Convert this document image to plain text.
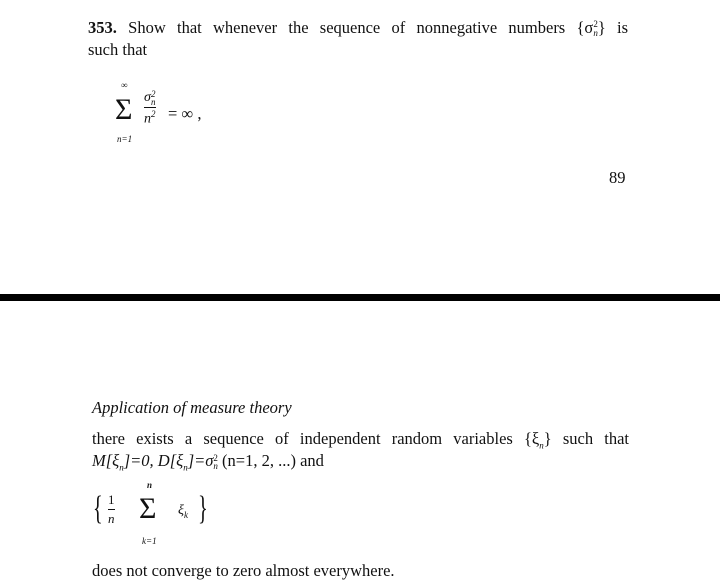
353. Show that whenever the sequence of nonnegative numbers {σ 2
n } is
such that
∞
Σ
n=1
σ 2
n
$n^2$ = ∞ ,
89
Application of measure theory
there exists a sequence of independent random variables $\{\xi_n\}$ such that
$M[\xi_n]=0$, $D[\xi_n]=\sigma$ 2
n (n=1, 2, ...) and
{ $\frac{1}{n}$
n
Σ
k=1
$\xi_k$ }
does not converge to zero almost everywhere.
